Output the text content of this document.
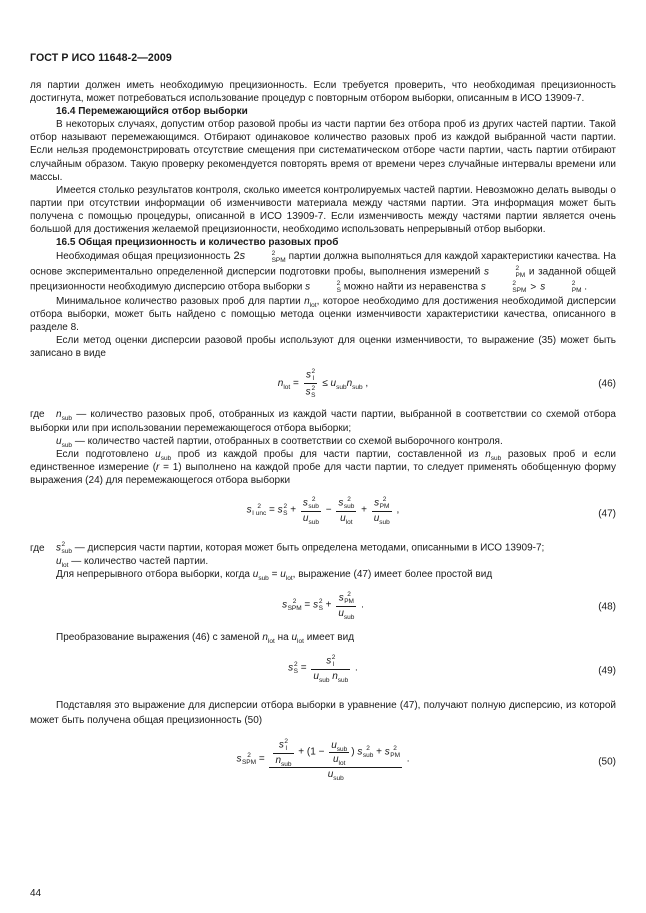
ГОСТ Р ИСО 11648-2—2009

ля партии должен иметь необходимую прецизионность. Если требуется проверить, что необходимая прецизионность достигнута, может потребоваться использование процедур с повторным отбором выборки, описанным в ИСО 13909-7.

16.4 Перемежающийся отбор выборки

В некоторых случаях, допустим отбор разовой пробы из части партии без отбора проб из других частей партии. Такой отбор называют перемежающимся. Отбирают одинаковое количество разовых проб из каждой выбранной части партии. Если нельзя продемонстрировать отсутствие смещения при систематическом отборе части партии, часть партии отбирают случайным образом. Такую проверку рекомендуется повторять время от времени через случайные интервалы времени или массы.

Имеется столько результатов контроля, сколько имеется контролируемых частей партии. Невозможно делать выводы о партии при отсутствии информации об изменчивости материала между частями партии. Эта информация может быть получена с помощью процедуры, описанной в ИСО 13909-7. Если изменчивость между частями партии является очень большой для достижения желаемой прецизионности, необходимо использовать непрерывный отбор выборки.

16.5 Общая прецизионность и количество разовых проб

Необходимая общая прецизионность 2s	2
SPM партии должна выполняться для каждой характеристики качества. На основе экспериментально определенной дисперсии подготовки пробы, выполнения измерений s	2
PM и заданной общей прецизионности необходимую дисперсию отбора выборки s	2
S можно найти из неравенства s	2
SPM > s	2
PM .

Минимальное количество разовых проб для партии $n_{lot}$, которое необходимо для достижения необходимой дисперсии отбора выборки, может быть найдено с помощью метода оценки изменчивости характеристики качества, описанного в разделе 8.

Если метод оценки дисперсии разовой пробы используют для оценки изменчивости, то выражение (35) может быть записано в виде

$n_{lot} = s$ 2
I
s 2
$S \le u_{sub}n_{sub}$ ,	(46)

где $n_{sub}$ — количество разовых проб, отобранных из каждой части партии, выбранной в соответствии со схемой отбора выборки или при использовании перемежающегося отбора выборки;

$u_{sub}$ — количество частей партии, отобранных в соответствии со схемой выборочного контроля.

Если подготовлено $u_{sub}$ проб из каждой пробы для части партии, составленной из $n_{sub}$ разовых проб и если единственное измерение (r = 1) выполнено на каждой пробе для части партии, то следует применять обобщенную форму выражения (24) для перемежающегося отбора выборки

s 2
I unc = s 2
S +
s 2
sub
$u_{sub}$
−
s 2
sub
$u_{lot}$
+
s 2
PM
$u_{sub}$
,	(47)

где s 2
sub — дисперсия части партии, которая может быть определена методами, описанными в ИСО 13909-7;

$u_{lot}$ — количество частей партии.

Для непрерывного отбора выборки, когда $u_{sub} = u_{lot}$, выражение (47) имеет более простой вид

s 2
SPM = s 2
S +
s 2
PM
$u_{sub}$
.	(48)

Преобразование выражения (46) с заменой $n_{lot}$ на $u_{lot}$ имеет вид

s 2
S =
s 2
I
$u_{sub}$ $n_{sub}$
.	(49)

Подставляя это выражение для дисперсии отбора выборки в уравнение (47), получают полную дисперсию, из которой может быть получена общая прецизионность (50)

s 2
SPM =
s 2
I
$n_{sub}$
+ (1 −
$u_{sub}$
$u_{lot}$
) s 2
sub + s 2
PM
$u_{sub}$
.	(50)
44
